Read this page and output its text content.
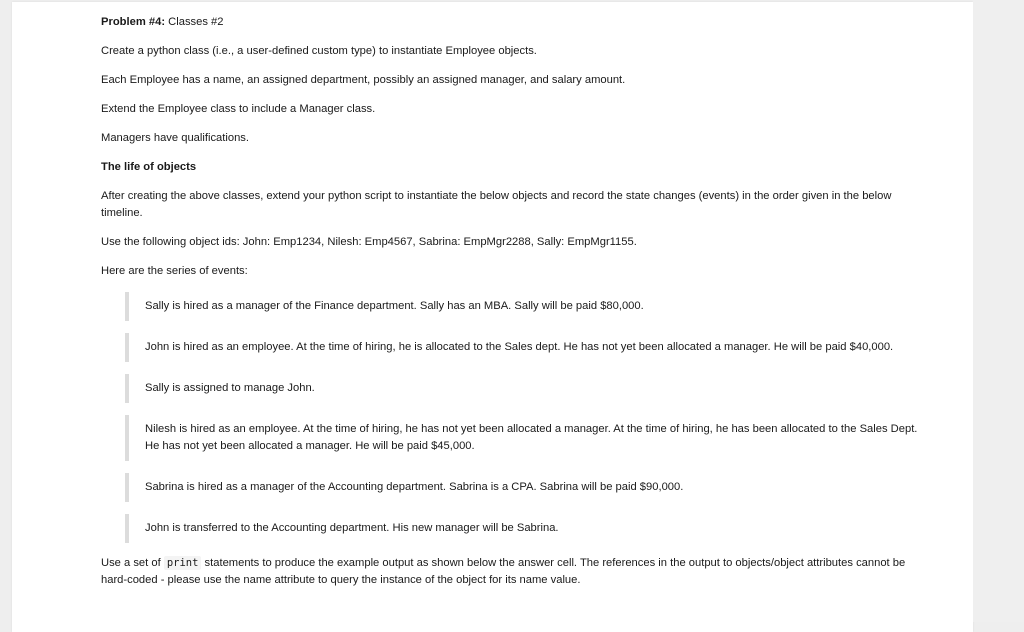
Problem #4: Classes #2

Create a python class (i.e., a user-defined custom type) to instantiate Employee objects.

Each Employee has a name, an assigned department, possibly an assigned manager, and salary amount.

Extend the Employee class to include a Manager class.

Managers have qualifications.

The life of objects

After creating the above classes, extend your python script to instantiate the below objects and record the state changes (events) in the order given in the below timeline.

Use the following object ids: John: Emp1234, Nilesh: Emp4567, Sabrina: EmpMgr2288, Sally: EmpMgr1155.

Here are the series of events:

Sally is hired as a manager of the Finance department. Sally has an MBA. Sally will be paid $80,000.
John is hired as an employee. At the time of hiring, he is allocated to the Sales dept. He has not yet been allocated a manager. He will be paid $40,000.
Sally is assigned to manage John.
Nilesh is hired as an employee. At the time of hiring, he has not yet been allocated a manager. At the time of hiring, he has been allocated to the Sales Dept. He has not yet been allocated a manager. He will be paid $45,000.
Sabrina is hired as a manager of the Accounting department. Sabrina is a CPA. Sabrina will be paid $90,000.
John is transferred to the Accounting department. His new manager will be Sabrina.

Use a set of print statements to produce the example output as shown below the answer cell. The references in the output to objects/object attributes cannot be hard-coded - please use the name attribute to query the instance of the object for its name value.
